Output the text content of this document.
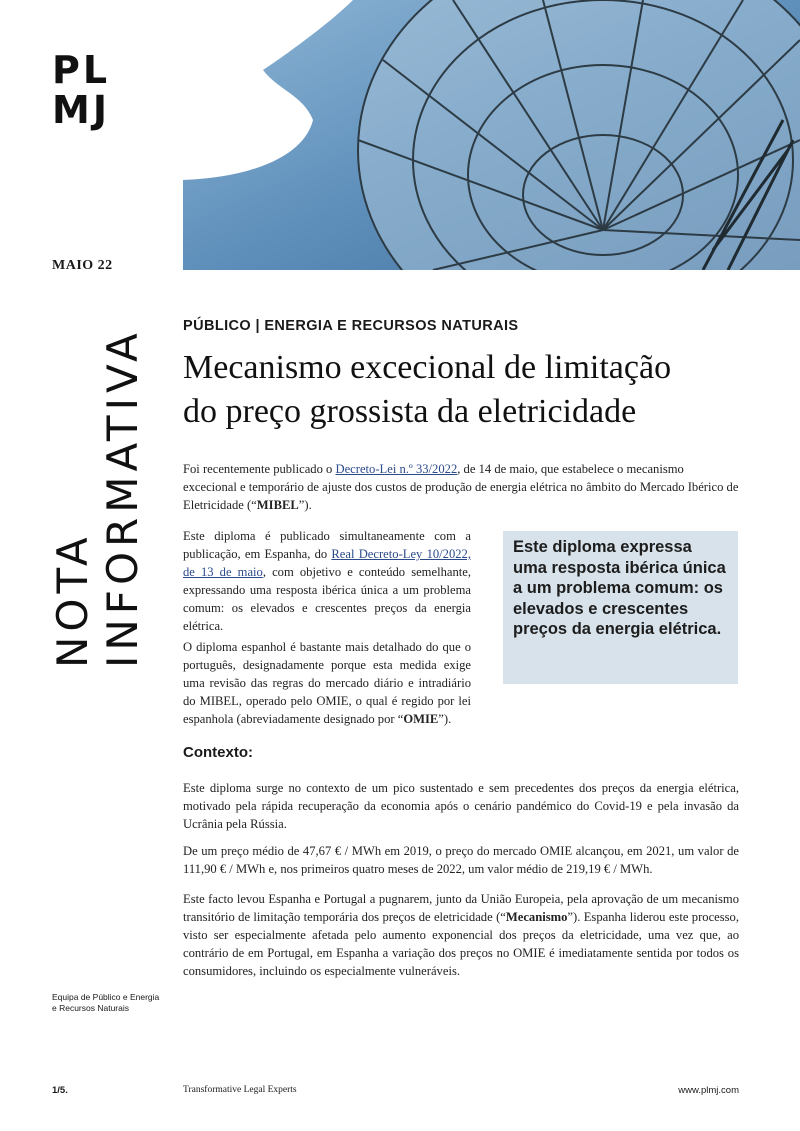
PL
MJ
MAIO 22
NOTA INFORMATIVA
PÚBLICO | ENERGIA E RECURSOS NATURAIS
Mecanismo excecional de limitação
do preço grossista da eletricidade
Foi recentemente publicado o Decreto-Lei n.º 33/2022, de 14 de maio, que estabelece o mecanismo excecional e temporário de ajuste dos custos de produção de energia elétrica no âmbito do Mercado Ibérico de Eletricidade (“MIBEL”).
Este diploma é publicado simultaneamente com a publicação, em Espanha, do Real Decreto-Ley 10/2022, de 13 de maio, com objetivo e conteúdo semelhante, expressando uma resposta ibérica única a um problema comum: os elevados e crescentes preços da energia elétrica.
O diploma espanhol é bastante mais detalhado do que o português, designadamente porque esta medida exige uma revisão das regras do mercado diário e intradiário do MIBEL, operado pelo OMIE, o qual é regido por lei espanhola (abreviadamente designado por “OMIE”).
Este diploma expressa uma resposta ibérica única a um problema comum: os elevados e crescentes preços da energia elétrica.
Contexto:
Este diploma surge no contexto de um pico sustentado e sem precedentes dos preços da energia elétrica, motivado pela rápida recuperação da economia após o cenário pandémico do Covid-19 e pela invasão da Ucrânia pela Rússia.
De um preço médio de 47,67 € / MWh em 2019, o preço do mercado OMIE alcançou, em 2021, um valor de 111,90 € / MWh e, nos primeiros quatro meses de 2022, um valor médio de 219,19 € / MWh.
Este facto levou Espanha e Portugal a pugnarem, junto da União Europeia, pela aprovação de um mecanismo transitório de limitação temporária dos preços de eletricidade (“Mecanismo”). Espanha liderou este processo, visto ser especialmente afetada pelo aumento exponencial dos preços da eletricidade, uma vez que, ao contrário de em Portugal, em Espanha a variação dos preços no OMIE é imediatamente sentida por todos os consumidores, incluindo os especialmente vulneráveis.
Equipa de Público e Energia e Recursos Naturais
1/5.	Transformative Legal Experts	www.plmj.com
